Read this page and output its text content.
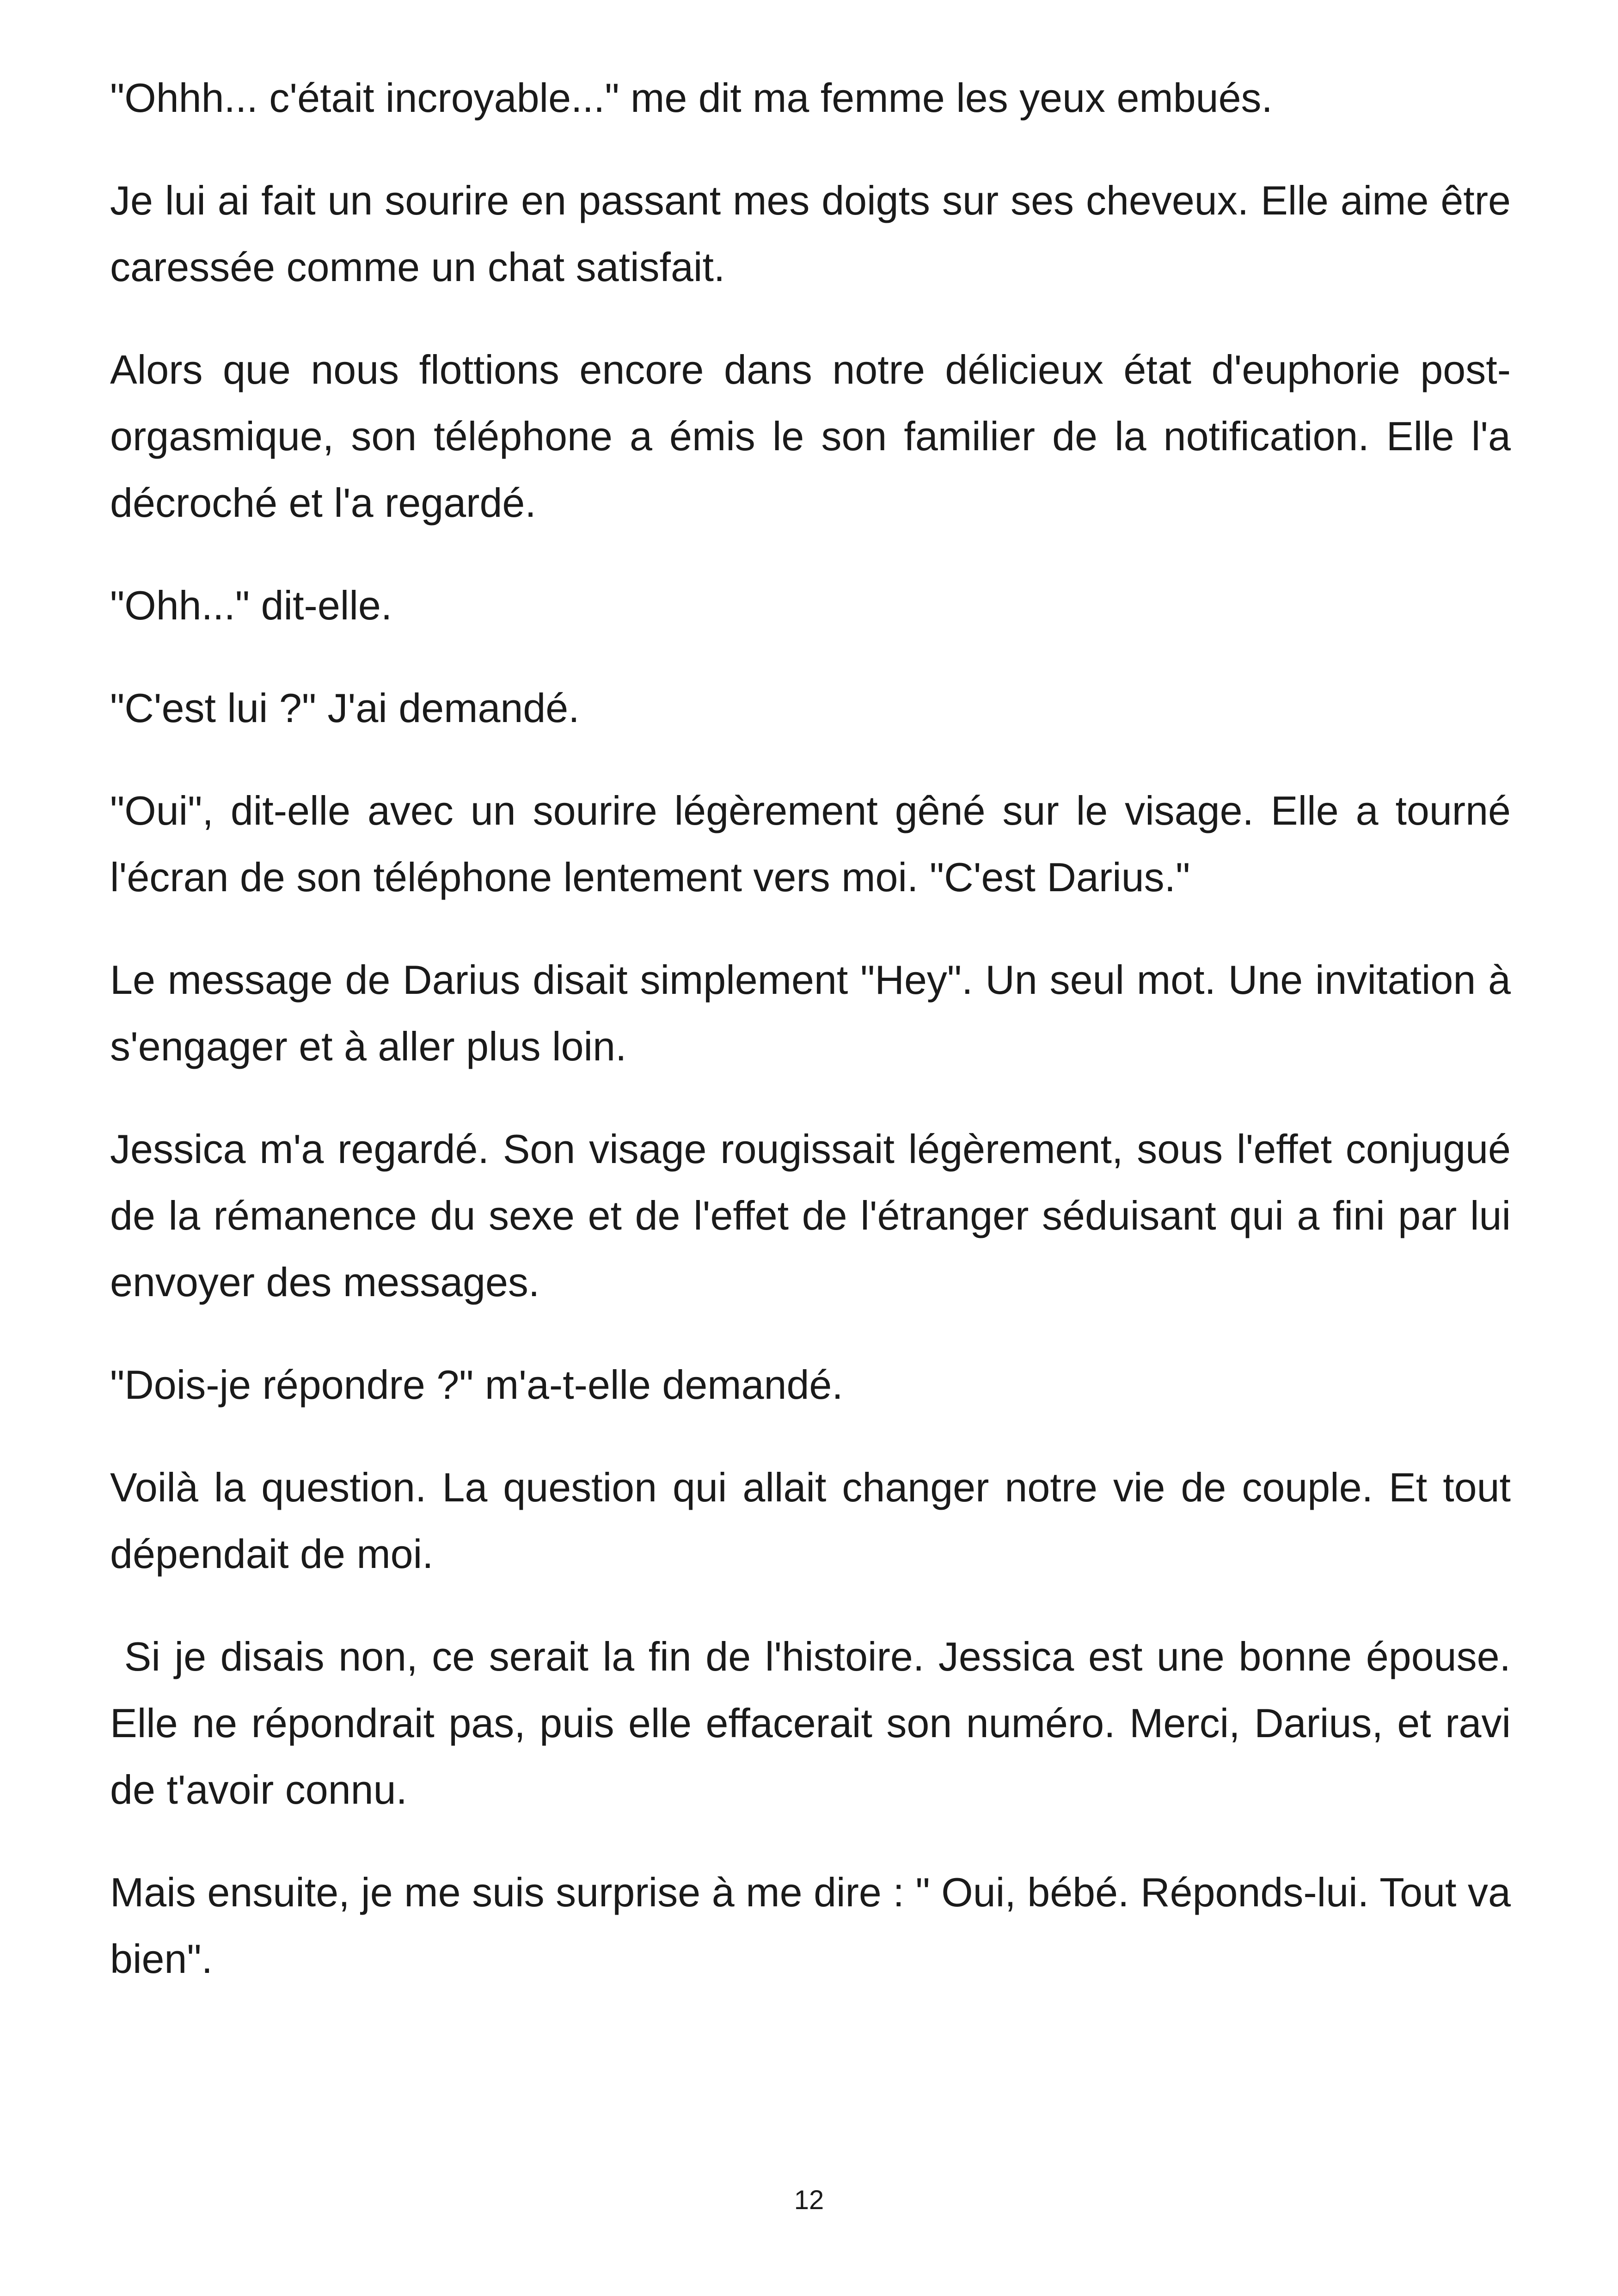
"Ohhh... c'était incroyable..." me dit ma femme les yeux embués.

Je lui ai fait un sourire en passant mes doigts sur ses cheveux. Elle aime être caressée comme un chat satisfait.

Alors que nous flottions encore dans notre délicieux état d'euphorie post-orgasmique, son téléphone a émis le son familier de la notification. Elle l'a décroché et l'a regardé.

"Ohh..." dit-elle.

"C'est lui ?" J'ai demandé.

"Oui", dit-elle avec un sourire légèrement gêné sur le visage. Elle a tourné l'écran de son téléphone lentement vers moi. "C'est Darius."

Le message de Darius disait simplement "Hey". Un seul mot. Une invitation à s'engager et à aller plus loin.

Jessica m'a regardé. Son visage rougissait légèrement, sous l'effet conjugué de la rémanence du sexe et de l'effet de l'étranger séduisant qui a fini par lui envoyer des messages.

"Dois-je répondre ?" m'a-t-elle demandé.

Voilà la question. La question qui allait changer notre vie de couple. Et tout dépendait de moi.

Si je disais non, ce serait la fin de l'histoire. Jessica est une bonne épouse. Elle ne répondrait pas, puis elle effacerait son numéro. Merci, Darius, et ravi de t'avoir connu.

Mais ensuite, je me suis surprise à me dire : " Oui, bébé. Réponds-lui. Tout va bien".

12
